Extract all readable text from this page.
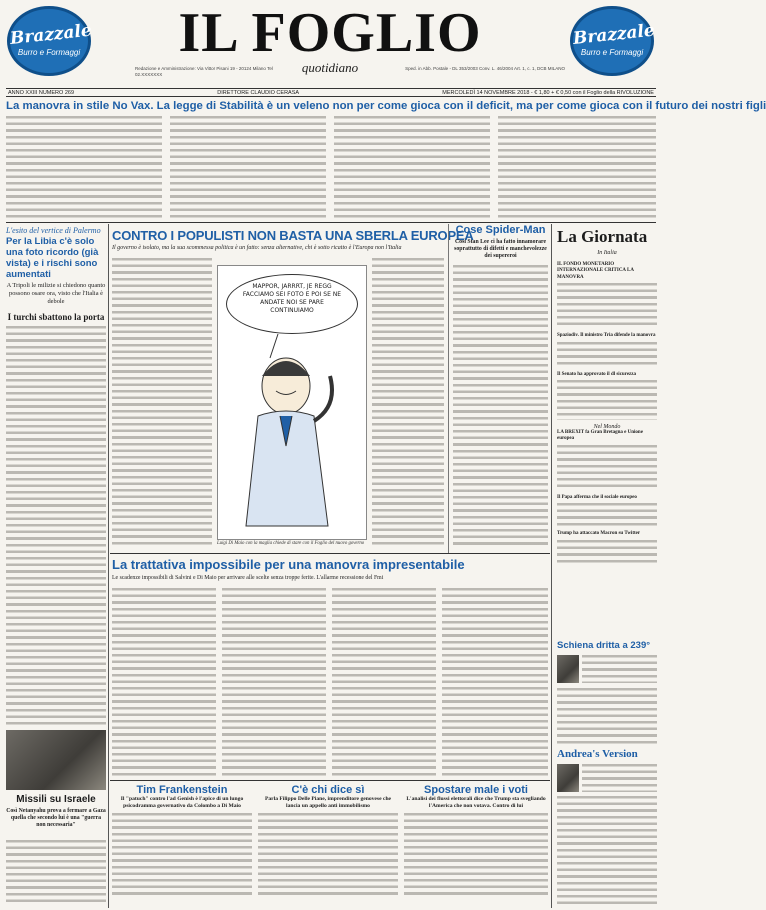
Brazzale
Burro e Formaggi
Brazzale
Burro e Formaggi
IL FOGLIO
quotidiano
Redazione e Amministrazione: Via Vittor Pisani 19 - 20124 Milano Tel 02.XXXXXXX
Sped. in Abb. Postale - DL 353/2003 Conv. L. 46/2004 Art. 1, c. 1, DCB MILANO
ANNO XXIII NUMERO 269	DIRETTORE CLAUDIO CERASA	MERCOLEDÌ 14 NOVEMBRE 2018 - € 1,80 + € 0,50 con il Foglio della RIVOLUZIONE
La manovra in stile No Vax. La legge di Stabilità è un veleno non per come gioca con il deficit, ma per come gioca con il futuro dei nostri figli
L'esito del vertice di Palermo
Per la Libia c'è solo una foto ricordo (già vista) e i rischi sono aumentati
A Tripoli le milizie si chiedono quanto possono osare ora, visto che l'Italia è debole
I turchi sbattono la porta
Missili su Israele
Così Netanyahu prova a fermare a Gaza quella che secondo lui è una "guerra non necessaria"
CONTRO I POPULISTI NON BASTA UNA SBERLA EUROPEA
Il governo è isolato, ma la sua scommessa politica è un fatto: senza alternative, chi è sotto ricatto è l'Europa non l'Italia
MAPPOR, JARRRT, JE REGG FACCIAMO SEI FOTO E POI SE NE ANDATE NOI SE PARE CONTINUIAMO
Luigi Di Maio con la maglia chiede di stare con il Foglio del nuovo governo
Cose Spider-Man
Così Stan Lee ci ha fatto innamorare soprattutto di difetti e manchevolezze dei supereroi
La trattativa impossibile per una manovra impresentabile
Le scadenze impossibili di Salvini e Di Maio per arrivare alle scelte senza troppe ferite. L'allarme recessione del Fmi
Tim Frankenstein
Il "patuch" contro l'ad Genish è l'apice di un lungo psicodramma governativo da Colombo a Di Maio
C'è chi dice sì
Parla Filippo Delle Piane, imprenditore genovese che lancia un appello anti immobilismo
Spostare male i voti
L'analisi dei flussi elettorali dice che Trump sta svegliando l'America che non votava. Contro di lui
La Giornata
In Italia
IL FONDO MONETARIO INTERNAZIONALE CRITICA LA MANOVRA
Spaziodiv. Il ministro Tria difende la manovra
Il Senato ha approvato il dl sicurezza
Nel Mondo
LA BREXIT fa Gran Bretagna e Unione europea
Il Papa afferma che il sociale europeo
Trump ha attaccato Macron su Twitter
Schiena dritta a 239°
Andrea's Version
